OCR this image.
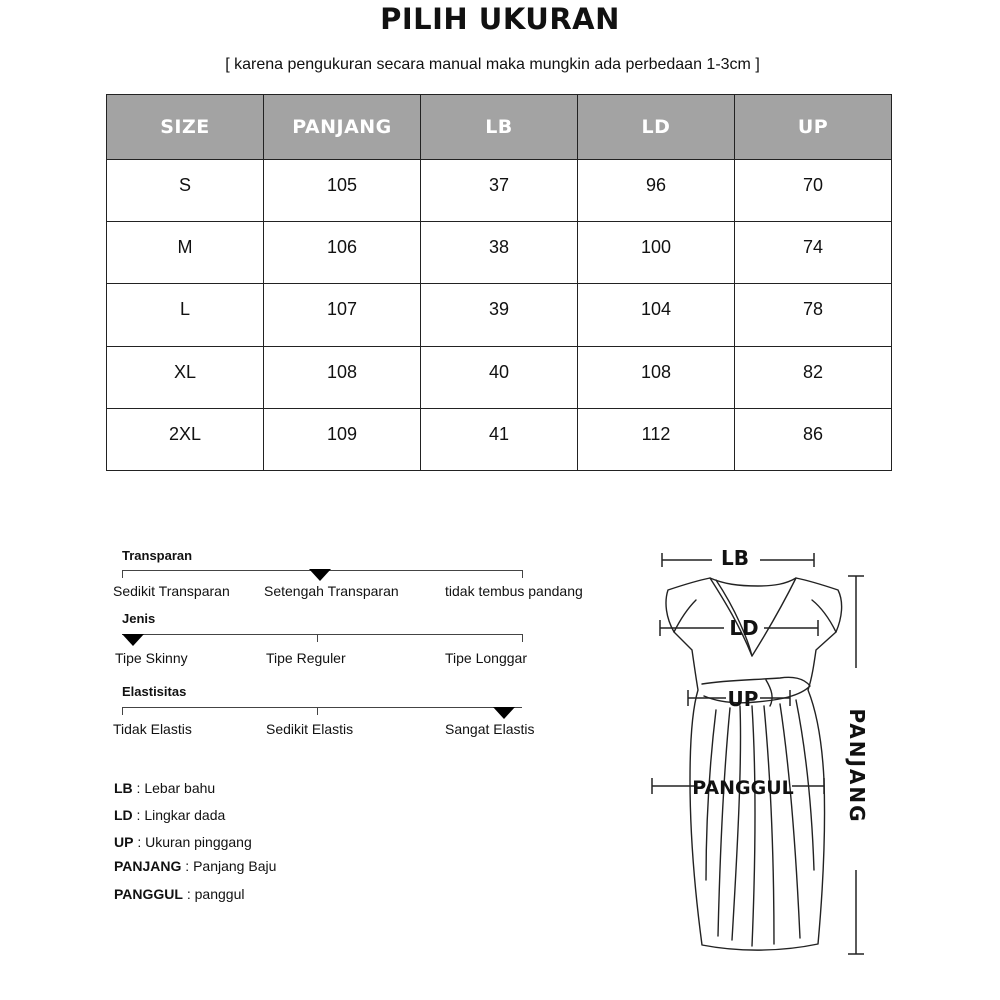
PILIH UKURAN
[ karena pengukuran secara manual maka mungkin ada perbedaan 1-3cm ]
SIZE	PANJANG	LB	LD	UP
S	105	37	96	70
M	106	38	100	74
L	107	39	104	78
XL	108	40	108	82
2XL	109	41	112	86
Transparan
Sedikit Transparan Setengah Transparan	tidak tembus pandang
Jenis
Tipe Skinny	Tipe Reguler	Tipe Longgar
Elastisitas
Tidak Elastis	Sedikit Elastis	Sangat Elastis
LB : Lebar bahu
LD : Lingkar dada
UP : Ukuran pinggang
PANJANG : Panjang Baju
PANGGUL : panggul
LB
LD
UP
PANGGUL	PANJANG
